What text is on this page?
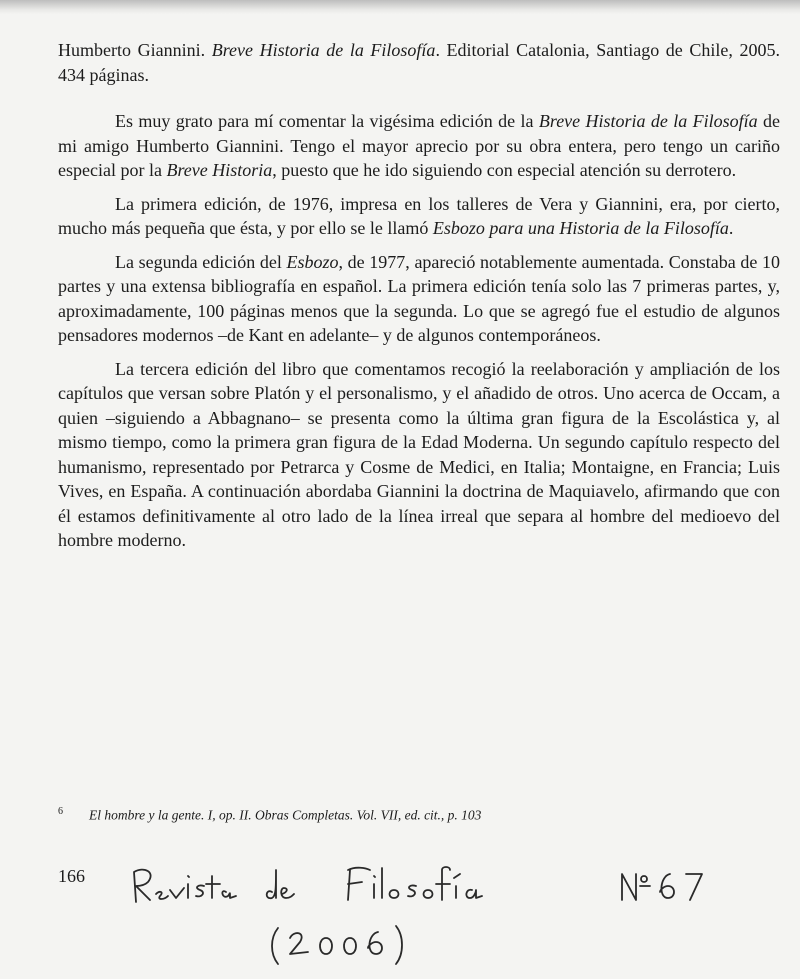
Humberto Giannini. Breve Historia de la Filosofía. Editorial Catalonia, Santiago de Chile, 2005. 434 páginas.

Es muy grato para mí comentar la vigésima edición de la Breve Historia de la Filosofía de mi amigo Humberto Giannini. Tengo el mayor aprecio por su obra entera, pero tengo un cariño especial por la Breve Historia, puesto que he ido siguiendo con especial atención su derrotero.

La primera edición, de 1976, impresa en los talleres de Vera y Giannini, era, por cierto, mucho más pequeña que ésta, y por ello se le llamó Esbozo para una Historia de la Filosofía.

La segunda edición del Esbozo, de 1977, apareció notablemente aumentada. Constaba de 10 partes y una extensa bibliografía en español. La primera edición tenía solo las 7 primeras partes, y, aproximadamente, 100 páginas menos que la segunda. Lo que se agregó fue el estudio de algunos pensadores modernos –de Kant en adelante– y de algunos contemporáneos.

La tercera edición del libro que comentamos recogió la reelaboración y ampliación de los capítulos que versan sobre Platón y el personalismo, y el añadido de otros. Uno acerca de Occam, a quien –siguiendo a Abbagnano– se presenta como la última gran figura de la Escolástica y, al mismo tiempo, como la primera gran figura de la Edad Moderna. Un segundo capítulo respecto del humanismo, representado por Petrarca y Cosme de Medici, en Italia; Montaigne, en Francia; Luis Vives, en España. A continuación abordaba Giannini la doctrina de Maquiavelo, afirmando que con él estamos definitivamente al otro lado de la línea irreal que separa al hombre del medioevo del hombre moderno.

$^6$ El hombre y la gente. I, op. II. Obras Completas. Vol. VII, ed. cit., p. 103
166
